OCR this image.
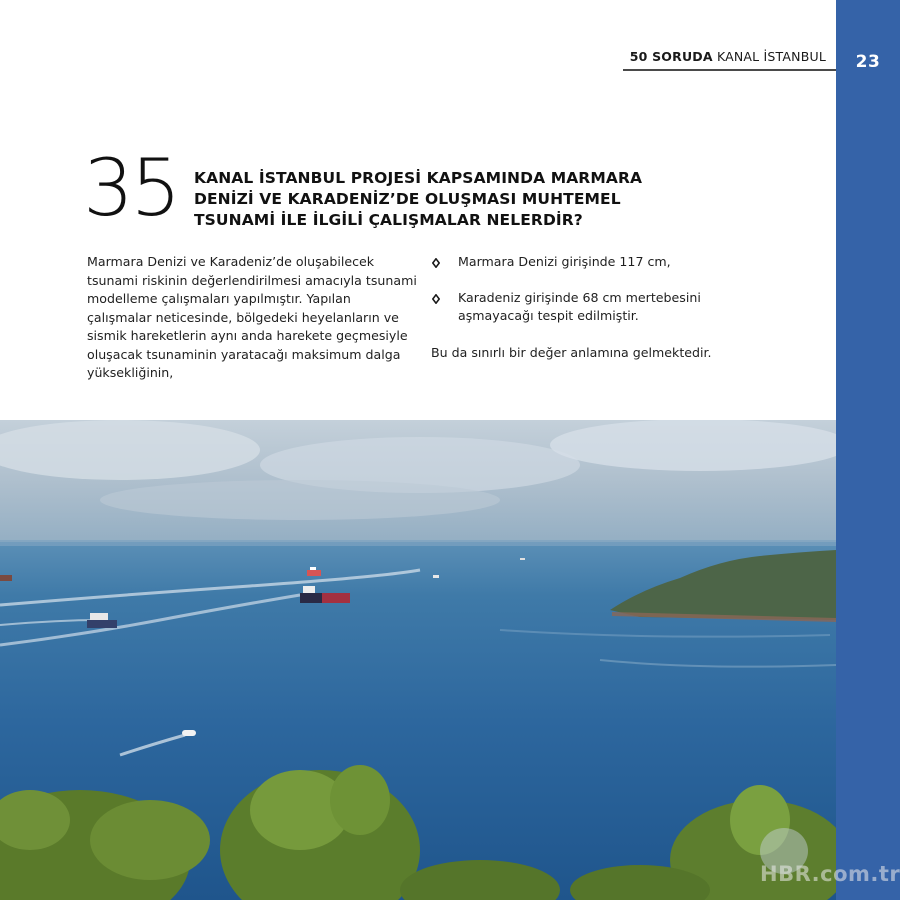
23
50 SORUDA KANAL İSTANBUL
35 KANAL İSTANBUL PROJESİ KAPSAMINDA MARMARA
DENİZİ VE KARADENİZ’DE OLUŞMASI MUHTEMEL
TSUNAMİ İLE İLGİLİ ÇALIŞMALAR NELERDİR?
Marmara Denizi ve Karadeniz’de oluşabilecek tsunami riskinin değerlendirilmesi amacıyla tsunami modelleme çalışmaları yapılmıştır. Yapılan çalışmalar neticesinde, bölgedeki heyelanların ve sismik hareketlerin aynı anda harekete geçmesiyle oluşacak tsunaminin yaratacağı maksimum dalga yüksekliğinin,
Marmara Denizi girişinde 117 cm,
Karadeniz girişinde 68 cm mertebesini aşmayacağı tespit edilmiştir.
Bu da sınırlı bir değer anlamına gelmektedir.
HBR.com.tr
